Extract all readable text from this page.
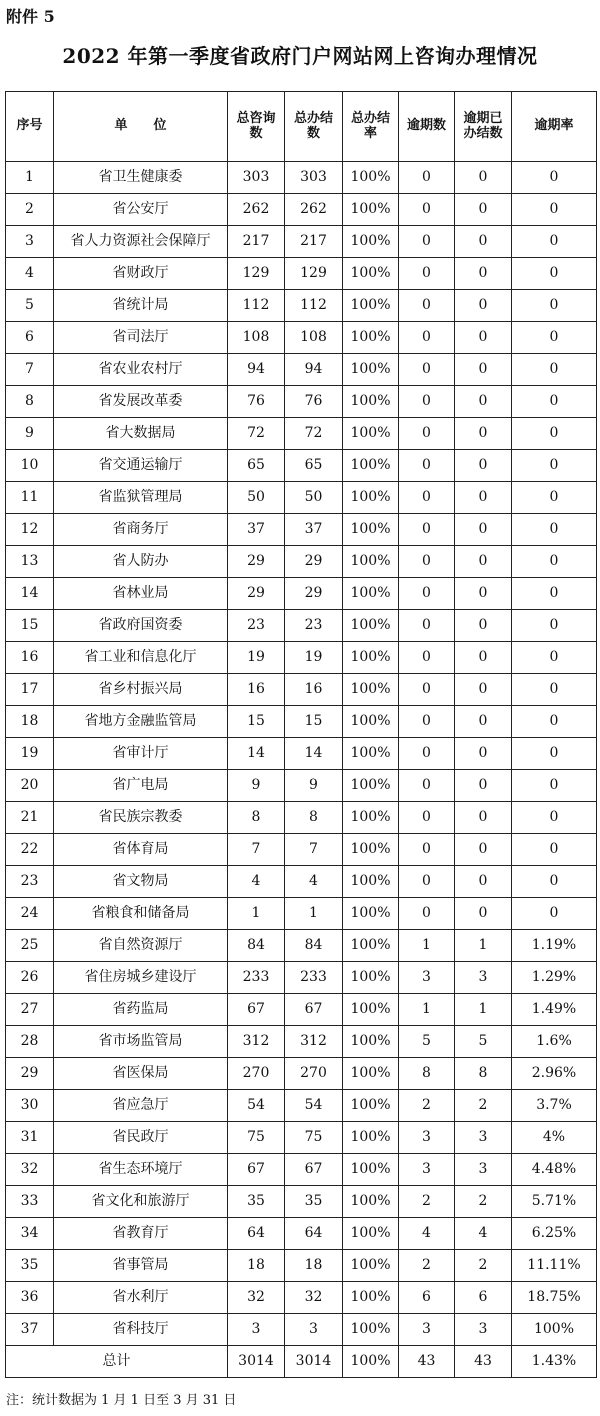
附件 5
2022 年第一季度省政府门户网站网上咨询办理情况
序号	单　　位	总咨询数	总办结数	总办结率	逾期数	逾期已办结数	逾期率
1	省卫生健康委	303	303	100%	0	0	0
2	省公安厅	262	262	100%	0	0	0
3	省人力资源社会保障厅	217	217	100%	0	0	0
4	省财政厅	129	129	100%	0	0	0
5	省统计局	112	112	100%	0	0	0
6	省司法厅	108	108	100%	0	0	0
7	省农业农村厅	94	94	100%	0	0	0
8	省发展改革委	76	76	100%	0	0	0
9	省大数据局	72	72	100%	0	0	0
10	省交通运输厅	65	65	100%	0	0	0
11	省监狱管理局	50	50	100%	0	0	0
12	省商务厅	37	37	100%	0	0	0
13	省人防办	29	29	100%	0	0	0
14	省林业局	29	29	100%	0	0	0
15	省政府国资委	23	23	100%	0	0	0
16	省工业和信息化厅	19	19	100%	0	0	0
17	省乡村振兴局	16	16	100%	0	0	0
18	省地方金融监管局	15	15	100%	0	0	0
19	省审计厅	14	14	100%	0	0	0
20	省广电局	9	9	100%	0	0	0
21	省民族宗教委	8	8	100%	0	0	0
22	省体育局	7	7	100%	0	0	0
23	省文物局	4	4	100%	0	0	0
24	省粮食和储备局	1	1	100%	0	0	0
25	省自然资源厅	84	84	100%	1	1	1.19%
26	省住房城乡建设厅	233	233	100%	3	3	1.29%
27	省药监局	67	67	100%	1	1	1.49%
28	省市场监管局	312	312	100%	5	5	1.6%
29	省医保局	270	270	100%	8	8	2.96%
30	省应急厅	54	54	100%	2	2	3.7%
31	省民政厅	75	75	100%	3	3	4%
32	省生态环境厅	67	67	100%	3	3	4.48%
33	省文化和旅游厅	35	35	100%	2	2	5.71%
34	省教育厅	64	64	100%	4	4	6.25%
35	省事管局	18	18	100%	2	2	11.11%
36	省水利厅	32	32	100%	6	6	18.75%
37	省科技厅	3	3	100%	3	3	100%
总计		3014	3014	100%	43	43	1.43%
注：统计数据为 1 月 1 日至 3 月 31 日
